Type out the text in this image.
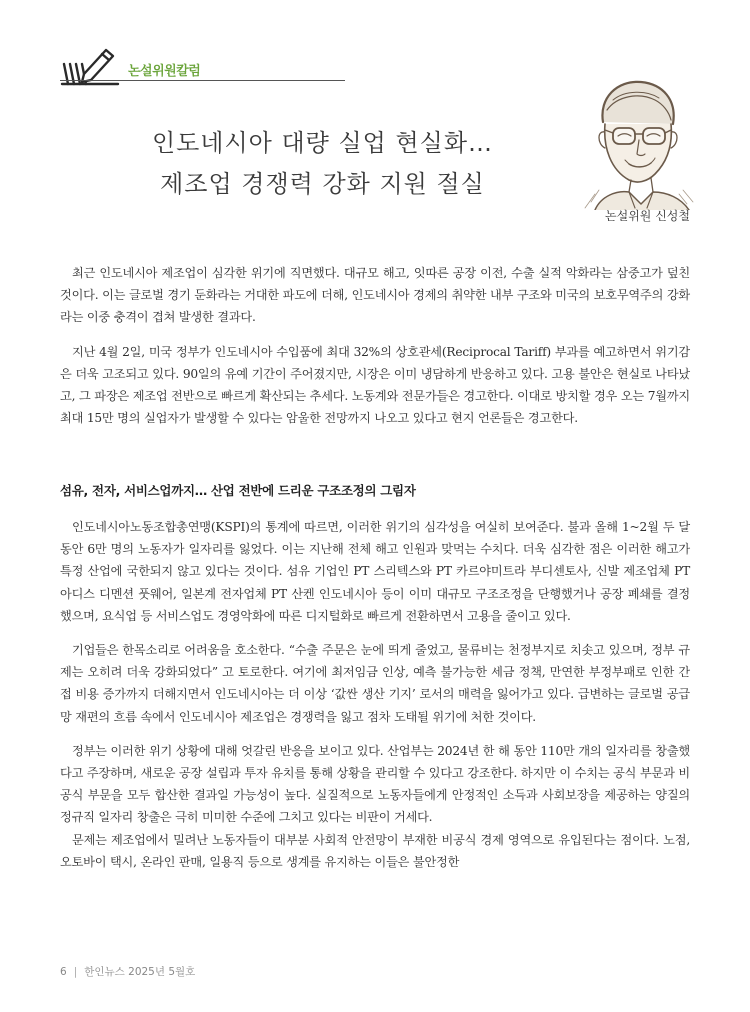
논설위원칼럼
인도네시아 대량 실업 현실화…
제조업 경쟁력 강화 지원 절실
논설위원 신성철

최근 인도네시아 제조업이 심각한 위기에 직면했다. 대규모 해고, 잇따른 공장 이전, 수출 실적 악화라는 삼중고가 덮친 것이다. 이는 글로벌 경기 둔화라는 거대한 파도에 더해, 인도네시아 경제의 취약한 내부 구조와 미국의 보호무역주의 강화라는 이중 충격이 겹쳐 발생한 결과다.

지난 4월 2일, 미국 정부가 인도네시아 수입품에 최대 32%의 상호관세(Reciprocal Tariff) 부과를 예고하면서 위기감은 더욱 고조되고 있다. 90일의 유예 기간이 주어졌지만, 시장은 이미 냉담하게 반응하고 있다. 고용 불안은 현실로 나타났고, 그 파장은 제조업 전반으로 빠르게 확산되는 추세다. 노동계와 전문가들은 경고한다. 이대로 방치할 경우 오는 7월까지 최대 15만 명의 실업자가 발생할 수 있다는 암울한 전망까지 나오고 있다고 현지 언론들은 경고한다.

섬유, 전자, 서비스업까지… 산업 전반에 드리운 구조조정의 그림자

인도네시아노동조합총연맹(KSPI)의 통계에 따르면, 이러한 위기의 심각성을 여실히 보여준다. 불과 올해 1~2월 두 달 동안 6만 명의 노동자가 일자리를 잃었다. 이는 지난해 전체 해고 인원과 맞먹는 수치다. 더욱 심각한 점은 이러한 해고가 특정 산업에 국한되지 않고 있다는 것이다. 섬유 기업인 PT 스리텍스와 PT 카르야미트라 부디센토사, 신발 제조업체 PT 아디스 디멘션 풋웨어, 일본계 전자업체 PT 산켄 인도네시아 등이 이미 대규모 구조조정을 단행했거나 공장 폐쇄를 결정했으며, 요식업 등 서비스업도 경영악화에 따른 디지털화로 빠르게 전환하면서 고용을 줄이고 있다.

기업들은 한목소리로 어려움을 호소한다. “수출 주문은 눈에 띄게 줄었고, 물류비는 천정부지로 치솟고 있으며, 정부 규제는 오히려 더욱 강화되었다” 고 토로한다. 여기에 최저임금 인상, 예측 불가능한 세금 정책, 만연한 부정부패로 인한 간접 비용 증가까지 더해지면서 인도네시아는 더 이상 ‘값싼 생산 기지’ 로서의 매력을 잃어가고 있다. 급변하는 글로벌 공급망 재편의 흐름 속에서 인도네시아 제조업은 경쟁력을 잃고 점차 도태될 위기에 처한 것이다.

정부는 이러한 위기 상황에 대해 엇갈린 반응을 보이고 있다. 산업부는 2024년 한 해 동안 110만 개의 일자리를 창출했다고 주장하며, 새로운 공장 설립과 투자 유치를 통해 상황을 관리할 수 있다고 강조한다. 하지만 이 수치는 공식 부문과 비공식 부문을 모두 합산한 결과일 가능성이 높다. 실질적으로 노동자들에게 안정적인 소득과 사회보장을 제공하는 양질의 정규직 일자리 창출은 극히 미미한 수준에 그치고 있다는 비판이 거세다.

문제는 제조업에서 밀려난 노동자들이 대부분 사회적 안전망이 부재한 비공식 경제 영역으로 유입된다는 점이다. 노점, 오토바이 택시, 온라인 판매, 일용직 등으로 생계를 유지하는 이들은 불안정한

6 | 한인뉴스 2025년 5월호
